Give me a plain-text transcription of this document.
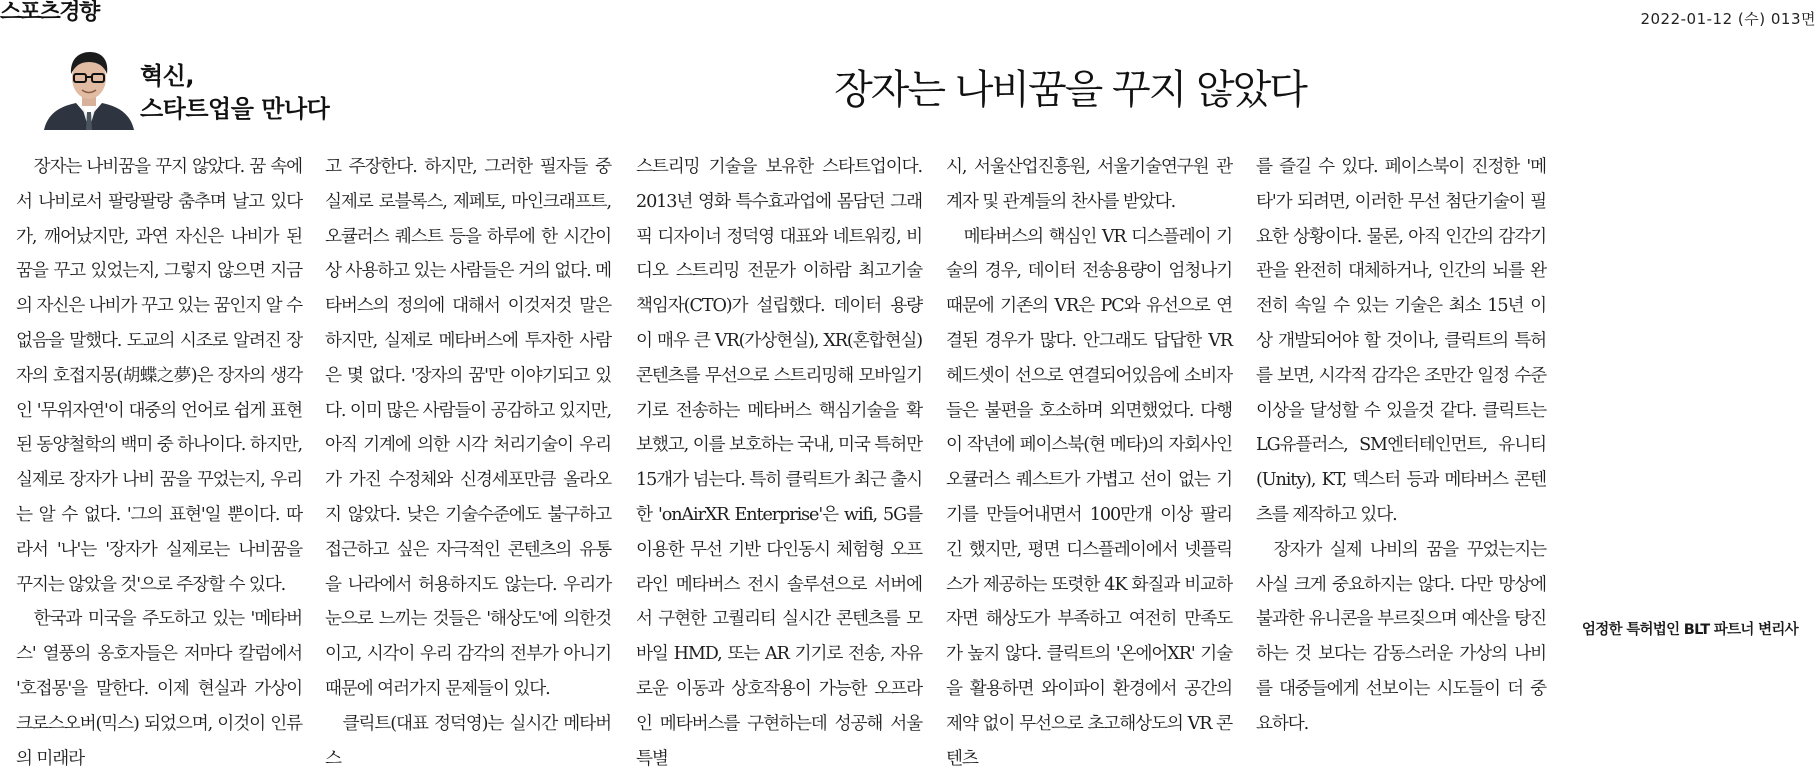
스포츠경향	2022-01-12 (수) 013면
혁신,
스타트업을 만나다	장자는 나비꿈을 꾸지 않았다

장자는 나비꿈을 꾸지 않았다. 꿈 속에서 나비로서 팔랑팔랑 춤추며 날고 있다가, 깨어났지만, 과연 자신은 나비가 된 꿈을 꾸고 있었는지, 그렇지 않으면 지금의 자신은 나비가 꾸고 있는 꿈인지 알 수 없음을 말했다. 도교의 시조로 알려진 장자의 호접지몽(胡蝶之夢)은 장자의 생각인 '무위자연'이 대중의 언어로 쉽게 표현된 동양철학의 백미 중 하나이다. 하지만, 실제로 장자가 나비 꿈을 꾸었는지, 우리는 알 수 없다. '그의 표현'일 뿐이다. 따라서 '나'는 '장자가 실제로는 나비꿈을 꾸지는 않았을 것'으로 주장할 수 있다.

한국과 미국을 주도하고 있는 '메타버스' 열풍의 옹호자들은 저마다 칼럼에서 '호접몽'을 말한다. 이제 현실과 가상이 크로스오버(믹스) 되었으며, 이것이 인류의 미래라

고 주장한다. 하지만, 그러한 필자들 중 실제로 로블록스, 제페토, 마인크래프트, 오큘러스 퀘스트 등을 하루에 한 시간이상 사용하고 있는 사람들은 거의 없다. 메타버스의 정의에 대해서 이것저것 말은 하지만, 실제로 메타버스에 투자한 사람은 몇 없다. '장자의 꿈'만 이야기되고 있다. 이미 많은 사람들이 공감하고 있지만, 아직 기계에 의한 시각 처리기술이 우리가 가진 수정체와 신경세포만큼 올라오지 않았다. 낮은 기술수준에도 불구하고 접근하고 싶은 자극적인 콘텐츠의 유통을 나라에서 허용하지도 않는다. 우리가 눈으로 느끼는 것들은 '해상도'에 의한것이고, 시각이 우리 감각의 전부가 아니기 때문에 여러가지 문제들이 있다.

클릭트(대표 정덕영)는 실시간 메타버스

스트리밍 기술을 보유한 스타트업이다. 2013년 영화 특수효과업에 몸담던 그래픽 디자이너 정덕영 대표와 네트워킹, 비디오 스트리밍 전문가 이하람 최고기술책임자(CTO)가 설립했다. 데이터 용량이 매우 큰 VR(가상현실), XR(혼합현실) 콘텐츠를 무선으로 스트리밍해 모바일기기로 전송하는 메타버스 핵심기술을 확보했고, 이를 보호하는 국내, 미국 특허만 15개가 넘는다. 특히 클릭트가 최근 출시한 'onAirXR Enterprise'은 wifi, 5G를 이용한 무선 기반 다인동시 체험형 오프라인 메타버스 전시 솔루션으로 서버에서 구현한 고퀄리티 실시간 콘텐츠를 모바일 HMD, 또는 AR 기기로 전송, 자유로운 이동과 상호작용이 가능한 오프라인 메타버스를 구현하는데 성공해 서울특별

시, 서울산업진흥원, 서울기술연구원 관계자 및 관계들의 찬사를 받았다.

메타버스의 핵심인 VR 디스플레이 기술의 경우, 데이터 전송용량이 엄청나기 때문에 기존의 VR은 PC와 유선으로 연결된 경우가 많다. 안그래도 답답한 VR헤드셋이 선으로 연결되어있음에 소비자들은 불편을 호소하며 외면했었다. 다행이 작년에 페이스북(현 메타)의 자회사인 오큘러스 퀘스트가 가볍고 선이 없는 기기를 만들어내면서 100만개 이상 팔리긴 했지만, 평면 디스플레이에서 넷플릭스가 제공하는 또렷한 4K 화질과 비교하자면 해상도가 부족하고 여전히 만족도가 높지 않다. 클릭트의 '온에어XR' 기술을 활용하면 와이파이 환경에서 공간의 제약 없이 무선으로 초고해상도의 VR 콘텐츠

를 즐길 수 있다. 페이스북이 진정한 '메타'가 되려면, 이러한 무선 첨단기술이 필요한 상황이다. 물론, 아직 인간의 감각기관을 완전히 대체하거나, 인간의 뇌를 완전히 속일 수 있는 기술은 최소 15년 이상 개발되어야 할 것이나, 클릭트의 특허를 보면, 시각적 감각은 조만간 일정 수준 이상을 달성할 수 있을것 같다. 클릭트는 LG유플러스, SM엔터테인먼트, 유니티(Unity), KT, 덱스터 등과 메타버스 콘텐츠를 제작하고 있다.

장자가 실제 나비의 꿈을 꾸었는지는 사실 크게 중요하지는 않다. 다만 망상에 불과한 유니콘을 부르짖으며 예산을 탕진하는 것 보다는 감동스러운 가상의 나비를 대중들에게 선보이는 시도들이 더 중요하다.

엄정한 특허법인 BLT 파트너 변리사
